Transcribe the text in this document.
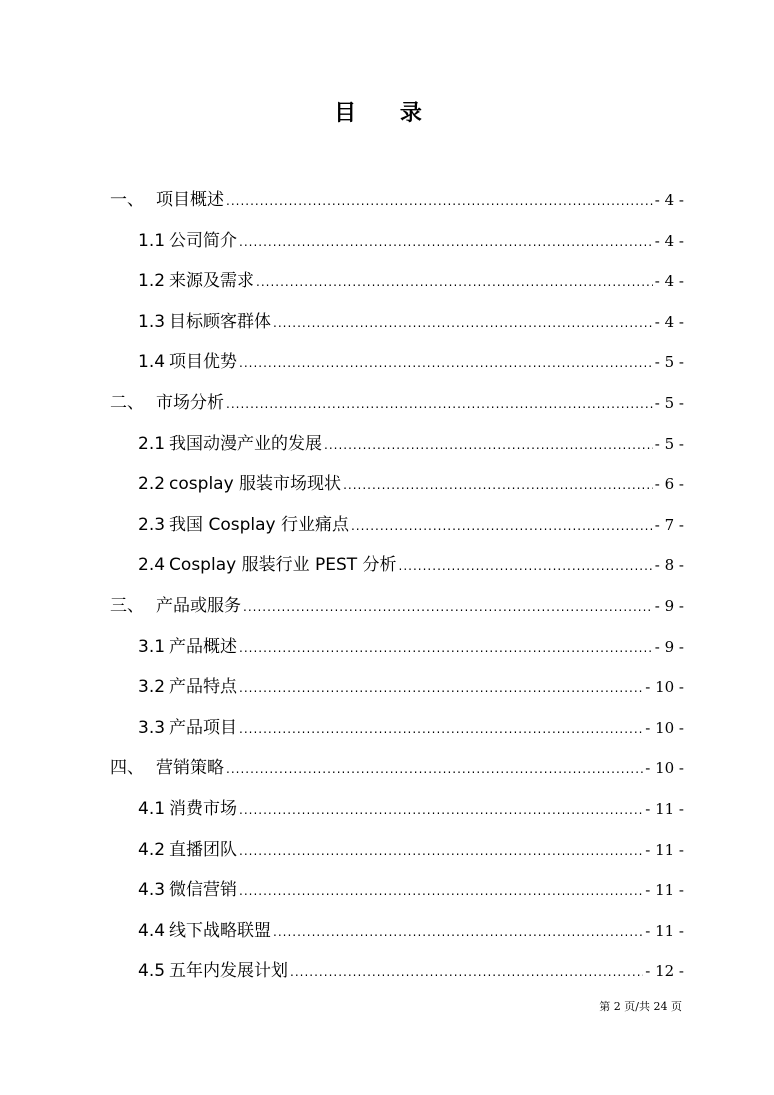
目 录
一、 项目概述 .....	- 4 -
1.1 公司简介 .....	- 4 -
1.2 来源及需求 .....	- 4 -
1.3 目标顾客群体 .....	- 4 -
1.4 项目优势 .....	- 5 -
二、 市场分析 .....	- 5 -
2.1 我国动漫产业的发展 .....	- 5 -
2.2 cosplay 服装市场现状 .....	- 6 -
2.3 我国 Cosplay 行业痛点 .....	- 7 -
2.4 Cosplay 服装行业 PEST 分析 .....	- 8 -
三、 产品或服务 .....	- 9 -
3.1 产品概述 .....	- 9 -
3.2 产品特点 .....	- 10 -
3.3 产品项目 .....	- 10 -
四、 营销策略 .....	- 10 -
4.1 消费市场 .....	- 11 -
4.2 直播团队 .....	- 11 -
4.3 微信营销 .....	- 11 -
4.4 线下战略联盟 .....	- 11 -
4.5 五年内发展计划 .....	- 12 -
第 2 页/共 24 页
